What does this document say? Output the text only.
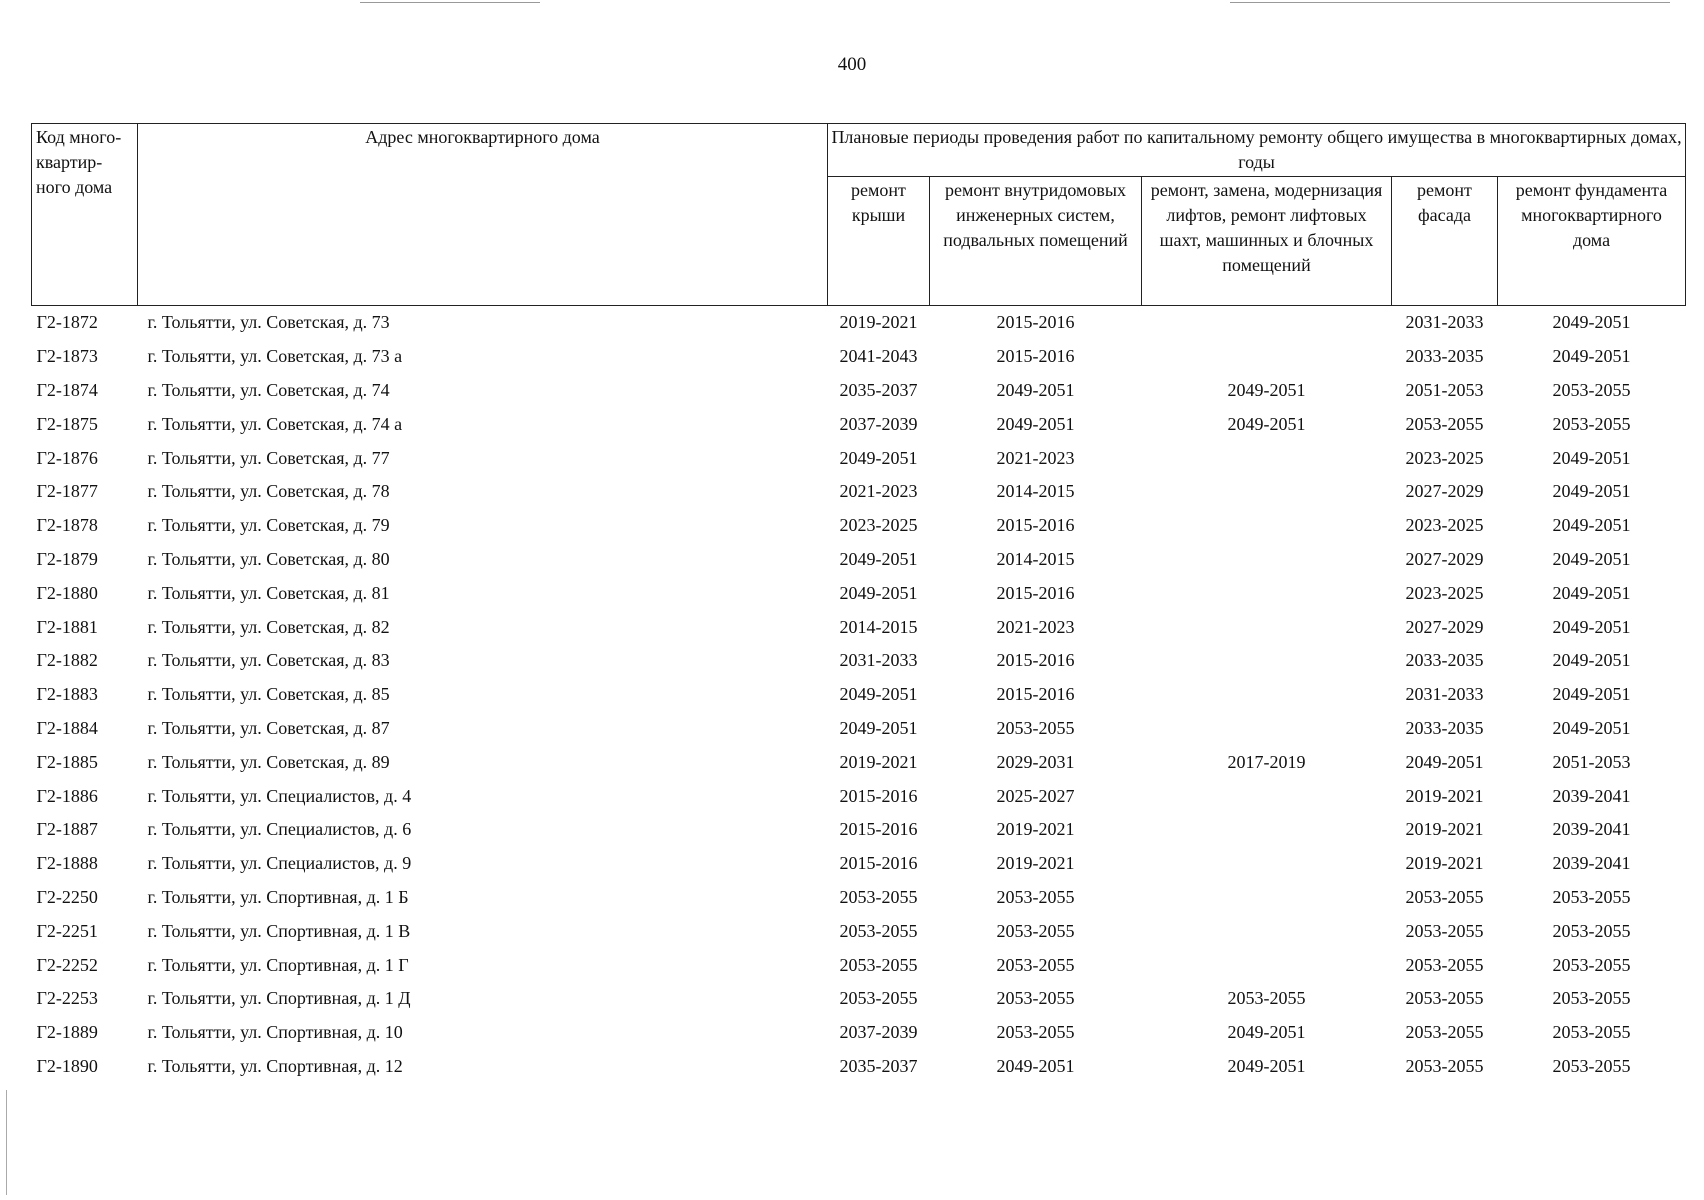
400
Код много-квартир-ного дома	Адрес многоквартирного дома	Плановые периоды проведения работ по капитальному ремонту общего имущества в многоквартирных домах, годы				
		ремонт крыши	ремонт внутридомовых инженерных систем, подвальных помещений	ремонт, замена, модернизация лифтов, ремонт лифтовых шахт, машинных и блочных помещений	ремонт фасада	ремонт фундамента многоквартирного дома
Г2-1872	г. Тольятти, ул. Советская, д. 73	2019-2021	2015-2016		2031-2033	2049-2051
Г2-1873	г. Тольятти, ул. Советская, д. 73 а	2041-2043	2015-2016		2033-2035	2049-2051
Г2-1874	г. Тольятти, ул. Советская, д. 74	2035-2037	2049-2051	2049-2051	2051-2053	2053-2055
Г2-1875	г. Тольятти, ул. Советская, д. 74 а	2037-2039	2049-2051	2049-2051	2053-2055	2053-2055
Г2-1876	г. Тольятти, ул. Советская, д. 77	2049-2051	2021-2023		2023-2025	2049-2051
Г2-1877	г. Тольятти, ул. Советская, д. 78	2021-2023	2014-2015		2027-2029	2049-2051
Г2-1878	г. Тольятти, ул. Советская, д. 79	2023-2025	2015-2016		2023-2025	2049-2051
Г2-1879	г. Тольятти, ул. Советская, д. 80	2049-2051	2014-2015		2027-2029	2049-2051
Г2-1880	г. Тольятти, ул. Советская, д. 81	2049-2051	2015-2016		2023-2025	2049-2051
Г2-1881	г. Тольятти, ул. Советская, д. 82	2014-2015	2021-2023		2027-2029	2049-2051
Г2-1882	г. Тольятти, ул. Советская, д. 83	2031-2033	2015-2016		2033-2035	2049-2051
Г2-1883	г. Тольятти, ул. Советская, д. 85	2049-2051	2015-2016		2031-2033	2049-2051
Г2-1884	г. Тольятти, ул. Советская, д. 87	2049-2051	2053-2055		2033-2035	2049-2051
Г2-1885	г. Тольятти, ул. Советская, д. 89	2019-2021	2029-2031	2017-2019	2049-2051	2051-2053
Г2-1886	г. Тольятти, ул. Специалистов, д. 4	2015-2016	2025-2027		2019-2021	2039-2041
Г2-1887	г. Тольятти, ул. Специалистов, д. 6	2015-2016	2019-2021		2019-2021	2039-2041
Г2-1888	г. Тольятти, ул. Специалистов, д. 9	2015-2016	2019-2021		2019-2021	2039-2041
Г2-2250	г. Тольятти, ул. Спортивная, д. 1 Б	2053-2055	2053-2055		2053-2055	2053-2055
Г2-2251	г. Тольятти, ул. Спортивная, д. 1 В	2053-2055	2053-2055		2053-2055	2053-2055
Г2-2252	г. Тольятти, ул. Спортивная, д. 1 Г	2053-2055	2053-2055		2053-2055	2053-2055
Г2-2253	г. Тольятти, ул. Спортивная, д. 1 Д	2053-2055	2053-2055	2053-2055	2053-2055	2053-2055
Г2-1889	г. Тольятти, ул. Спортивная, д. 10	2037-2039	2053-2055	2049-2051	2053-2055	2053-2055
Г2-1890	г. Тольятти, ул. Спортивная, д. 12	2035-2037	2049-2051	2049-2051	2053-2055	2053-2055
